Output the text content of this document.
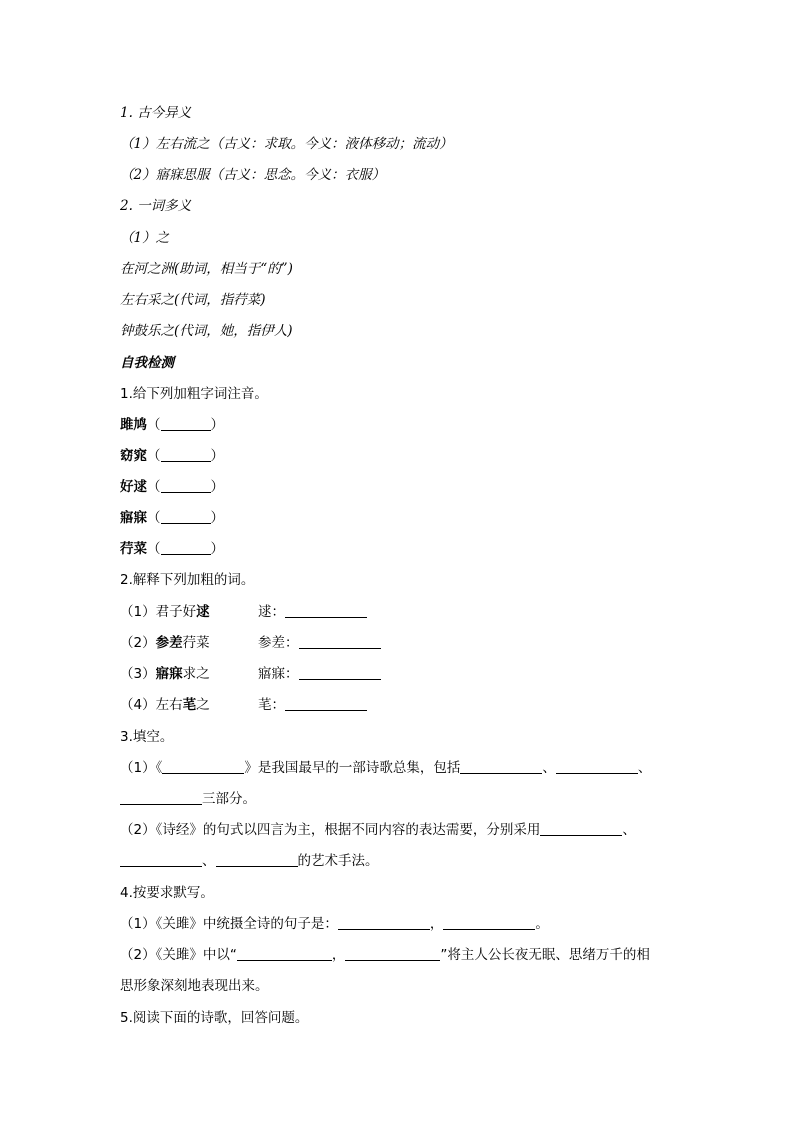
1. 古今异义
（1）左右流之（古义：求取。今义：液体移动；流动）
（2）寤寐思服（古义：思念。今义：衣服）
2. 一词多义
（1）之
在河之洲(助词，相当于“的”)
左右采之(代词，指荇菜)
钟鼓乐之(代词，她，指伊人)
自我检测
1.给下列加粗字词注音。
雎鸠（	）
窈窕（	）
好逑（	）
寤寐（	）
荇菜（	）
2.解释下列加粗的词。
（1）君子好逑	逑：
（2）参差荇菜	参差：
（3）寤寐求之	寤寐：
（4）左右芼之	芼：
3.填空。
（1）《	》是我国最早的一部诗歌总集，包括	、	、
三部分。
（2）《诗经》的句式以四言为主，根据不同内容的表达需要，分别采用	、
、	的艺术手法。
4.按要求默写。
（1）《关雎》中统摄全诗的句子是：	，	。
（2）《关雎》中以“	，	”将主人公长夜无眠、思绪万千的相
思形象深刻地表现出来。
5.阅读下面的诗歌，回答问题。
